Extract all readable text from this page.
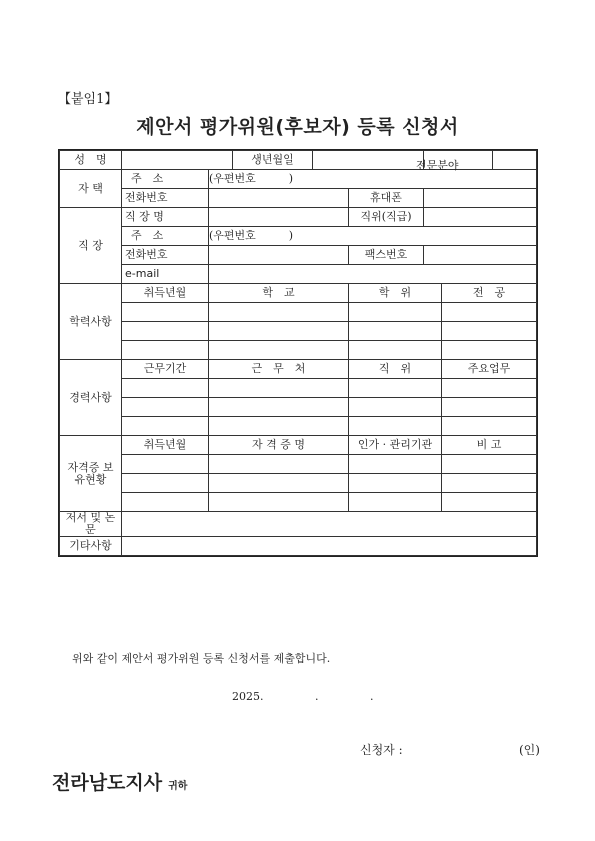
【붙임1】
제안서 평가위원(후보자) 등록 신청서
성　명			생년월일			전문분야	

자 택	주　소	(우편번호　　　)					
	전화번호				휴대폰		
직 장	직 장 명				직위(직급)		
	주　소	(우편번호　　　)					
	전화번호				팩스번호		
	e-mail						
학력사항	취득년월	학　교			학　위		전　공

경력사항	근무기간	근　무　처			직　위		주요업무

자격증 보유현황	취득년월	자 격 증 명			인가 · 관리기관		비 고

저서 및 논문							
기타사항							
위와 같이 제안서 평가위원 등록 신청서를 제출합니다.
2025.	.	.
신청자 :	(인)
전라남도지사 귀하
